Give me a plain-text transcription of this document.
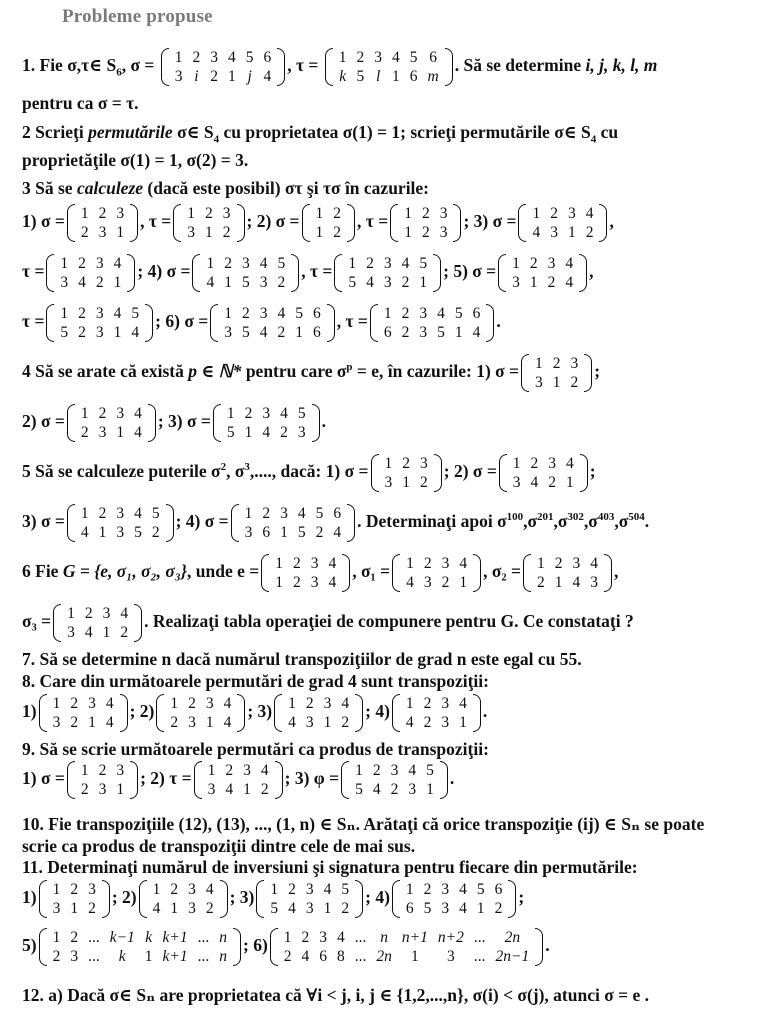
Probleme propuse
1. Fie σ,τ∈ $S_6$, σ = 1	2	3	4	5	6
3	i	2	1	j	4
, τ = 1	2	3	4	5	6
k	5	l	1	6	m
. Să se determine i, j, k, l, m
pentru ca σ = τ.
2 Scrieţi permutările σ∈ $S_4$ cu proprietatea σ(1) = 1; scrieţi permutările σ∈ $S_4$ cu
proprietăţile σ(1) = 1, σ(2) = 3.
3 Să se calculeze (dacă este posibil) στ şi τσ în cazurile:
1) σ = 1	2	3
2	3	1
, τ = 1	2	3
3	1	2
; 2) σ = 1	2
1	2
, τ = 1	2	3
1	2	3
; 3) σ = 1	2	3	4
4	3	1	2
,
τ = 1	2	3	4
3	4	2	1
; 4) σ = 1	2	3	4	5
4	1	5	3	2
, τ = 1	2	3	4	5
5	4	3	2	1
; 5) σ = 1	2	3	4
3	1	2	4
,
τ = 1	2	3	4	5
5	2	3	1	4
; 6) σ = 1	2	3	4	5	6
3	5	4	2	1	6
, τ = 1	2	3	4	5	6
6	2	3	5	1	4
.
4 Să se arate că există p ∈ ℕ* pentru care $\sigma^p = e$, în cazurile: 1) σ = 1	2	3
3	1	2
;
2) σ = 1	2	3	4
2	3	1	4
; 3) σ = 1	2	3	4	5
5	1	4	2	3
.
5 Să se calculeze puterile $\sigma^2$, $\sigma^3$,...., dacă: 1) σ = 1	2	3
3	1	2
; 2) σ = 1	2	3	4
3	4	2	1
;
3) σ = 1	2	3	4	5
4	1	3	5	2
; 4) σ = 1	2	3	4	5	6
3	6	1	5	2	4
. Determinaţi apoi $\sigma^{100},\sigma^{201},\sigma^{302},\sigma^{403},\sigma^{504}$.
6 Fie G = {e, σ₁, σ₂, σ₃}, unde e = 1	2	3	4
1	2	3	4
, σ₁ = 1	2	3	4
4	3	2	1
, σ₂ = 1	2	3	4
2	1	4	3
,
σ₃ = 1	2	3	4
3	4	1	2
. Realizaţi tabla operaţiei de compunere pentru G. Ce constataţi ?
7. Să se determine n dacă numărul transpoziţiilor de grad n este egal cu 55.
8. Care din următoarele permutări de grad 4 sunt transpoziţii:
1) 1	2	3	4
3	2	1	4
; 2) 1	2	3	4
2	3	1	4
; 3) 1	2	3	4
4	3	1	2
; 4) 1	2	3	4
4	2	3	1
.
9. Să se scrie următoarele permutări ca produs de transpoziţii:
1) σ = 1	2	3
2	3	1
; 2) τ = 1	2	3	4
3	4	1	2
; 3) φ = 1	2	3	4	5
5	4	2	3	1
.
10. Fie transpoziţiile (12), (13), ..., (1, n) ∈ Sₙ. Arătaţi că orice transpoziţie (ij) ∈ Sₙ se poate
scrie ca produs de transpoziţii dintre cele de mai sus.
11. Determinaţi numărul de inversiuni şi signatura pentru fiecare din permutările:
1) 1	2	3
3	1	2
; 2) 1	2	3	4
4	1	3	2
; 3) 1	2	3	4	5
5	4	3	1	2
; 4) 1	2	3	4	5	6
6	5	3	4	1	2
;
5) 1	2	...	k−1	k	k+1	...	n
2	3	...	k	1	k+1	...	n
; 6) 1	2	3	4	...	n	n+1	n+2	...	2n
2	4	6	8	...	2n	1	3	...	2n−1
.
12. a) Dacă σ∈ Sₙ are proprietatea că ∀i < j, i, j ∈ {1,2,...,n}, σ(i) < σ(j), atunci σ = e .
